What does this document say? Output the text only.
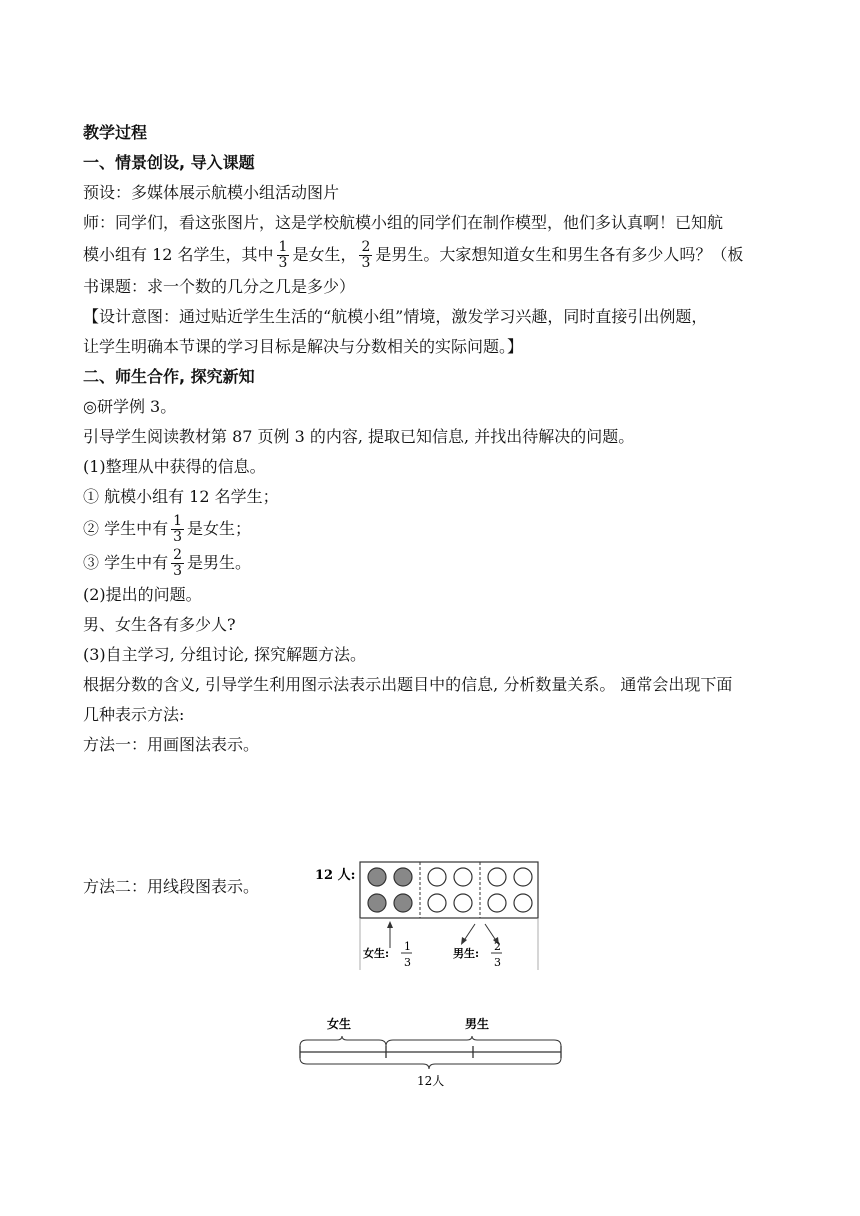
教学过程

一、情景创设, 导入课题

预设：多媒体展示航模小组活动图片

师：同学们，看这张图片，这是学校航模小组的同学们在制作模型，他们多认真啊！已知航

模小组有 12 名学生，其中 $\frac{1}{3}$ 是女生， $\frac{2}{3}$ 是男生。大家想知道女生和男生各有多少人吗？（板

书课题：求一个数的几分之几是多少）

【设计意图：通过贴近学生生活的“航模小组”情境，激发学习兴趣，同时直接引出例题，

让学生明确本节课的学习目标是解决与分数相关的实际问题。】

二、师生合作, 探究新知

◎研学例 3。

引导学生阅读教材第 87 页例 3 的内容, 提取已知信息, 并找出待解决的问题。

(1)整理从中获得的信息。

① 航模小组有 12 名学生；

② 学生中有 $\frac{1}{3}$ 是女生；

③ 学生中有 $\frac{2}{3}$ 是男生。

(2)提出的问题。

男、女生各有多少人?

(3)自主学习, 分组讨论, 探究解题方法。

根据分数的含义, 引导学生利用图示法表示出题目中的信息, 分析数量关系。 通常会出现下面

几种表示方法:

方法一：用画图法表示。

方法二：用线段图表示。

12 人:
女生:
1
3
男生:
2
3
女生	男生
12人
